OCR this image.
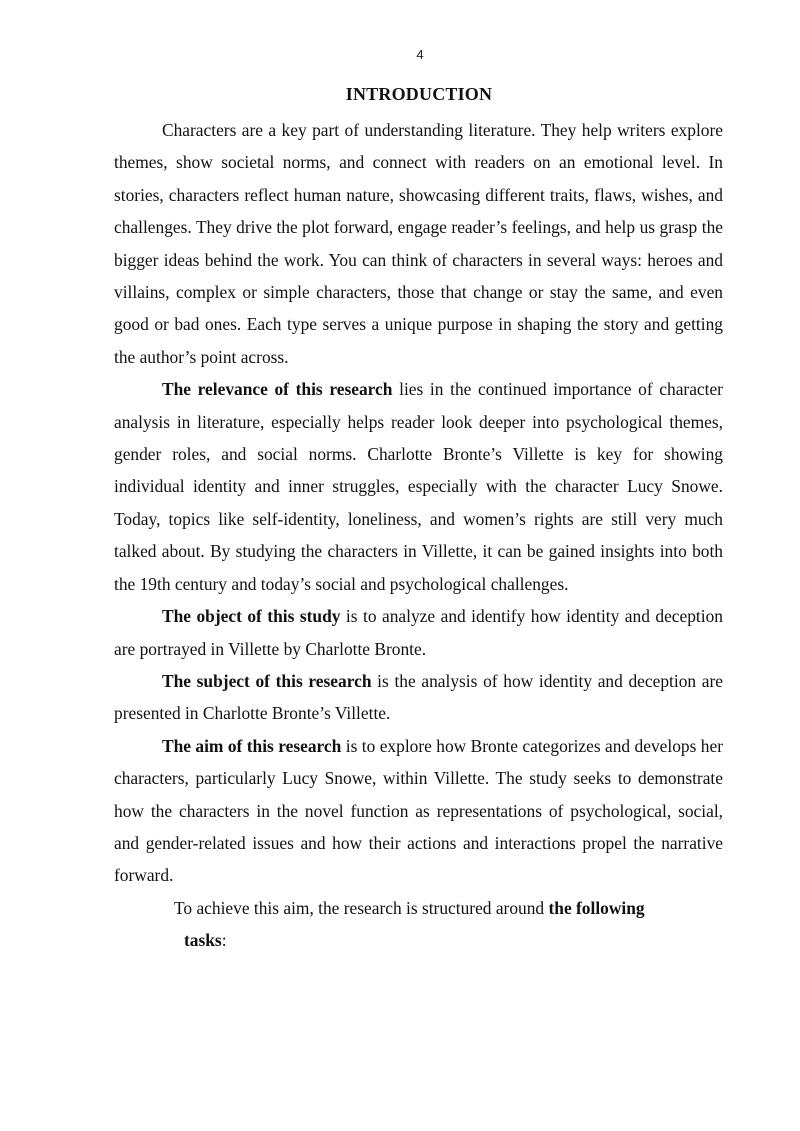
4
INTRODUCTION

Characters are a key part of understanding literature. They help writers explore themes, show societal norms, and connect with readers on an emotional level. In stories, characters reflect human nature, showcasing different traits, flaws, wishes, and challenges. They drive the plot forward, engage reader’s feelings, and help us grasp the bigger ideas behind the work. You can think of characters in several ways: heroes and villains, complex or simple characters, those that change or stay the same, and even good or bad ones. Each type serves a unique purpose in shaping the story and getting the author’s point across.

The relevance of this research lies in the continued importance of character analysis in literature, especially helps reader look deeper into psychological themes, gender roles, and social norms. Charlotte Bronte’s Villette is key for showing individual identity and inner struggles, especially with the character Lucy Snowe. Today, topics like self-identity, loneliness, and women’s rights are still very much talked about. By studying the characters in Villette, it can be gained insights into both the 19th century and today’s social and psychological challenges.

The object of this study is to analyze and identify how identity and deception are portrayed in Villette by Charlotte Bronte.

The subject of this research is the analysis of how identity and deception are presented in Charlotte Bronte’s Villette.

The aim of this research is to explore how Bronte categorizes and develops her characters, particularly Lucy Snowe, within Villette. The study seeks to demonstrate how the characters in the novel function as representations of psychological, social, and gender-related issues and how their actions and interactions propel the narrative forward.

To achieve this aim, the research is structured around the following
tasks:
